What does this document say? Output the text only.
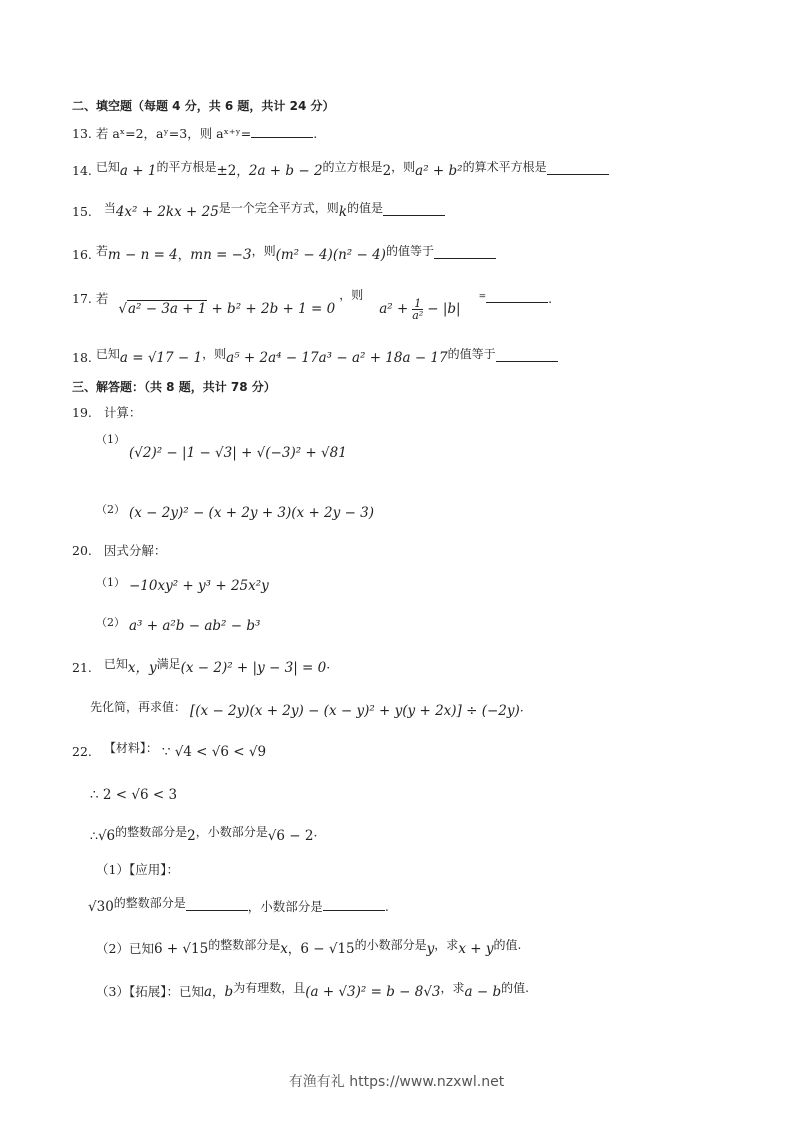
二、填空题（每题 4 分，共 6 题，共计 24 分）
13. 若 aˣ=2，aʸ=3，则 aˣ⁺ʸ=	.
14. 已知a + 1的平方根是±2，2a + b − 2的立方根是2，则a² + b²的算术平方根是
15. 当4x² + 2kx + 25是一个完全平方式，则k的值是
16. 若m − n = 4，mn = −3，则(m² − 4)(n² − 4)的值等于
17. 若 √a² − 3a + 1 + b² + 2b + 1 = 0 ，则 $a^2 + \frac{1}{\text{a²}} - |b|$ =	.
18. 已知a = √17 − 1，则a⁵ + 2a⁴ − 17a³ − a² + 18a − 17的值等于
三、解答题：（共 8 题，共计 78 分）
19. 计算：
（1） (√2)² − |1 − √3| + √(−3)² + √81
（2） (x − 2y)² − (x + 2y + 3)(x + 2y − 3)
20. 因式分解：
（1） −10xy² + y³ + 25x²y
（2） a³ + a²b − ab² − b³
21. 已知x，y满足(x − 2)² + |y − 3| = 0·
先化简，再求值： [(x − 2y)(x + 2y) − (x − y)² + y(y + 2x)] ÷ (−2y)·
22. 【材料】： ∵ √4 < √6 < √9
∴ 2 < √6 < 3
∴√6的整数部分是2，小数部分是√6 − 2·
（1）【应用】：
√30的整数部分是	，小数部分是	.
（2）已知6 + √15的整数部分是x，6 − √15的小数部分是y，求x + y的值.
（3）【拓展】：已知a，b为有理数，且(a + √3)² = b − 8√3，求a − b的值.
有渔有礼 https://www.nzxwl.net
